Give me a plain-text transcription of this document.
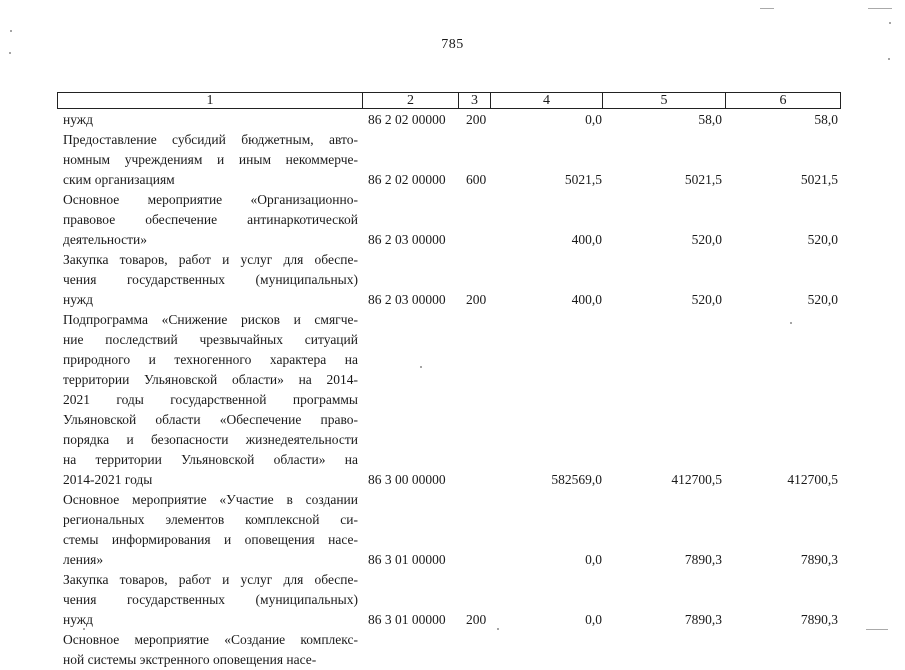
785
1	2	3	4	5	6
нужд	86 2 02 00000 200	0,0	58,0	58,0
Предоставление субсидий бюджетным, авто-
номным учреждениям и иным некоммерче-
ским организациям	86 2 02 00000 600	5021,5	5021,5	5021,5
Основное мероприятие «Организационно-
правовое обеспечение антинаркотической
деятельности»	86 2 03 00000	400,0	520,0	520,0
Закупка товаров, работ и услуг для обеспе-
чения государственных (муниципальных)
нужд	86 2 03 00000 200	400,0	520,0	520,0
Подпрограмма «Снижение рисков и смягче-
ние последствий чрезвычайных ситуаций
природного и техногенного характера на
территории Ульяновской области» на 2014-
2021 годы государственной программы
Ульяновской области «Обеспечение право-
порядка и безопасности жизнедеятельности
на территории Ульяновской области» на
2014-2021 годы	86 3 00 00000	582569,0	412700,5	412700,5
Основное мероприятие «Участие в создании
региональных элементов комплексной си-
стемы информирования и оповещения насе-
ления»	86 3 01 00000	0,0	7890,3	7890,3
Закупка товаров, работ и услуг для обеспе-
чения государственных (муниципальных)
нужд	86 3 01 00000 200	0,0	7890,3	7890,3
Основное мероприятие «Создание комплекс-
ной системы экстренного оповещения насе-
